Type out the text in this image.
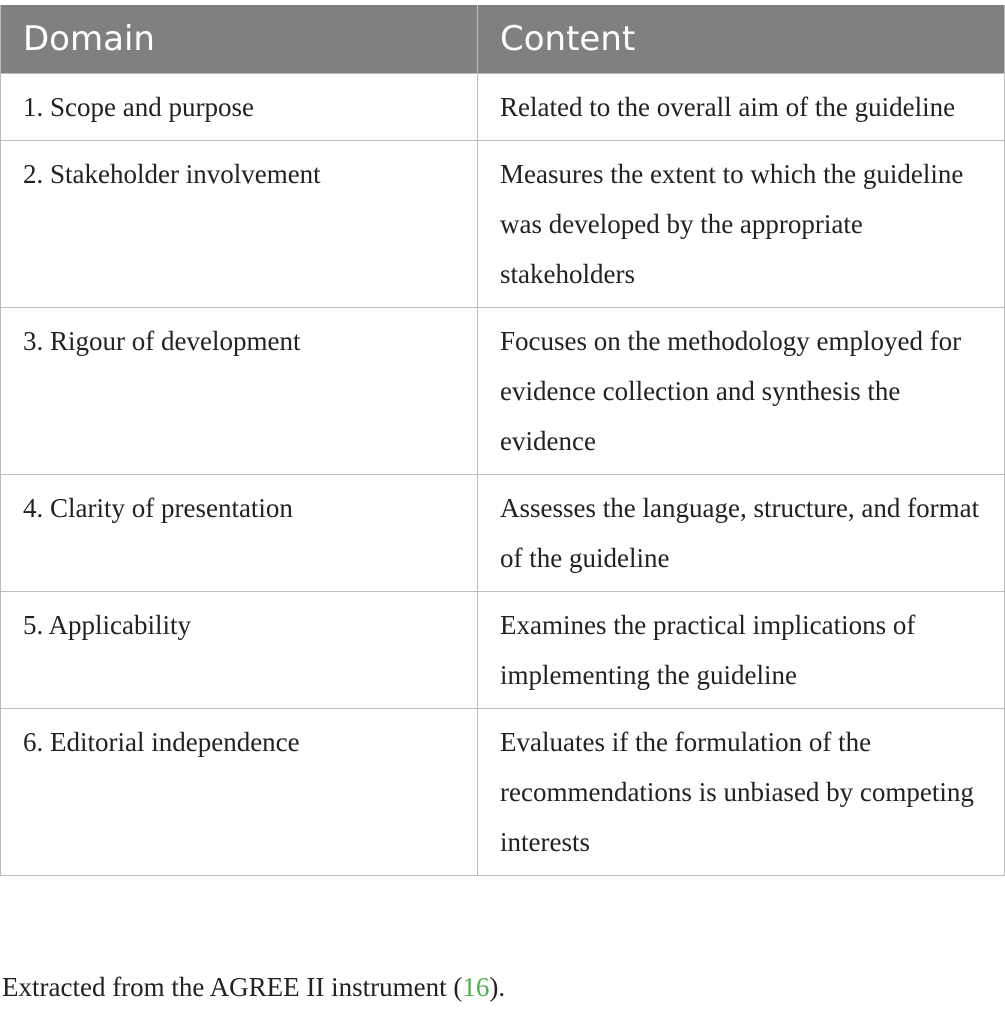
Domain	Content
1. Scope and purpose	Related to the overall aim of the guideline
2. Stakeholder involvement	Measures the extent to which the guideline was developed by the appropriate stakeholders
3. Rigour of development	Focuses on the methodology employed for evidence collection and synthesis the evidence
4. Clarity of presentation	Assesses the language, structure, and format of the guideline
5. Applicability	Examines the practical implications of implementing the guideline
6. Editorial independence	Evaluates if the formulation of the recommendations is unbiased by competing interests
Extracted from the AGREE II instrument (16).
